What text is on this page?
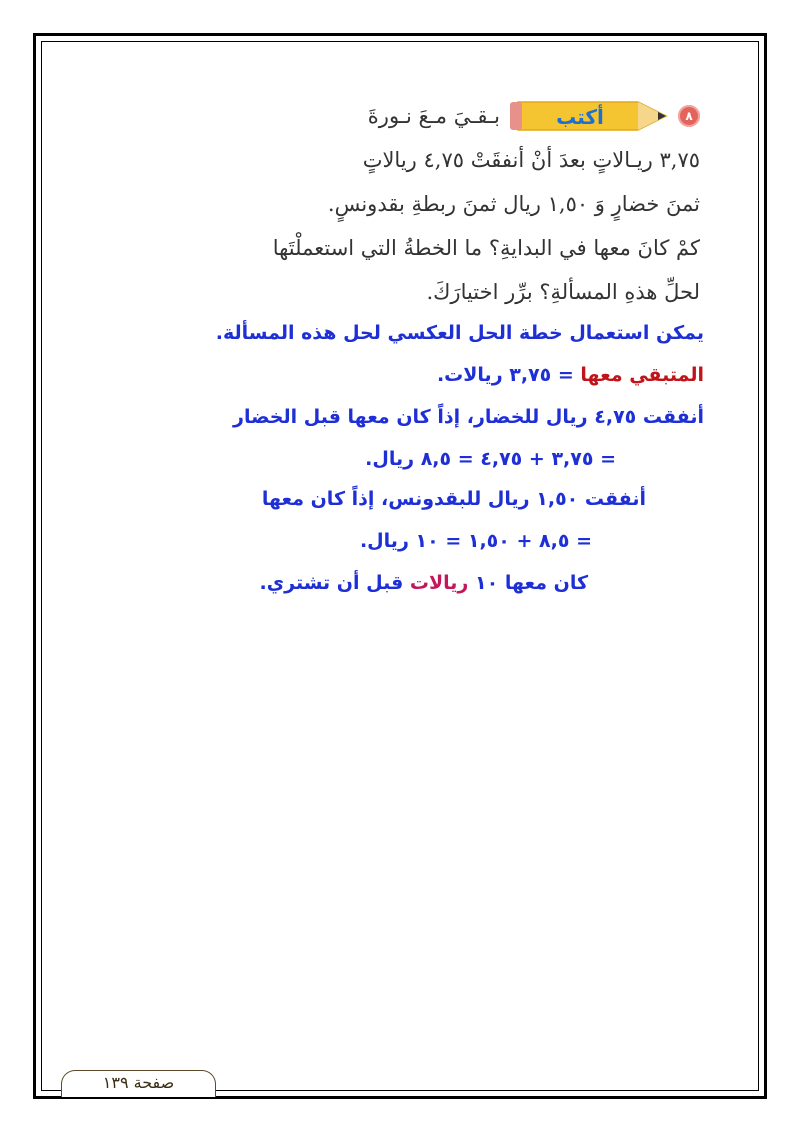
٨
أكتب
بـقـيَ مـعَ نـورةَ
٣,٧٥ ريـالاتٍ بعدَ أنْ أنفقَتْ ٤,٧٥ ريالاتٍ
ثمنَ خضارٍ وَ ١,٥٠ ريال ثمنَ ربطةِ بقدونسٍ.
كمْ كانَ معها في البدايةِ؟ ما الخطةُ التي استعملْتَها
لحلِّ هذهِ المسألةِ؟ برِّر اختيارَكَ.
يمكن استعمال خطة الحل العكسي لحل هذه المسألة.
المتبقي معها = ٣,٧٥ ريالات.
أنفقت ٤,٧٥ ريال للخضار، إذاً كان معها قبل الخضار
= ٣,٧٥ + ٤,٧٥ = ٨,٥ ريال.
أنفقت ١,٥٠ ريال للبقدونس، إذاً كان معها
= ٨,٥ + ١,٥٠ = ١٠ ريال.
كان معها ١٠ ريالات قبل أن تشتري.
صفحة ١٣٩
